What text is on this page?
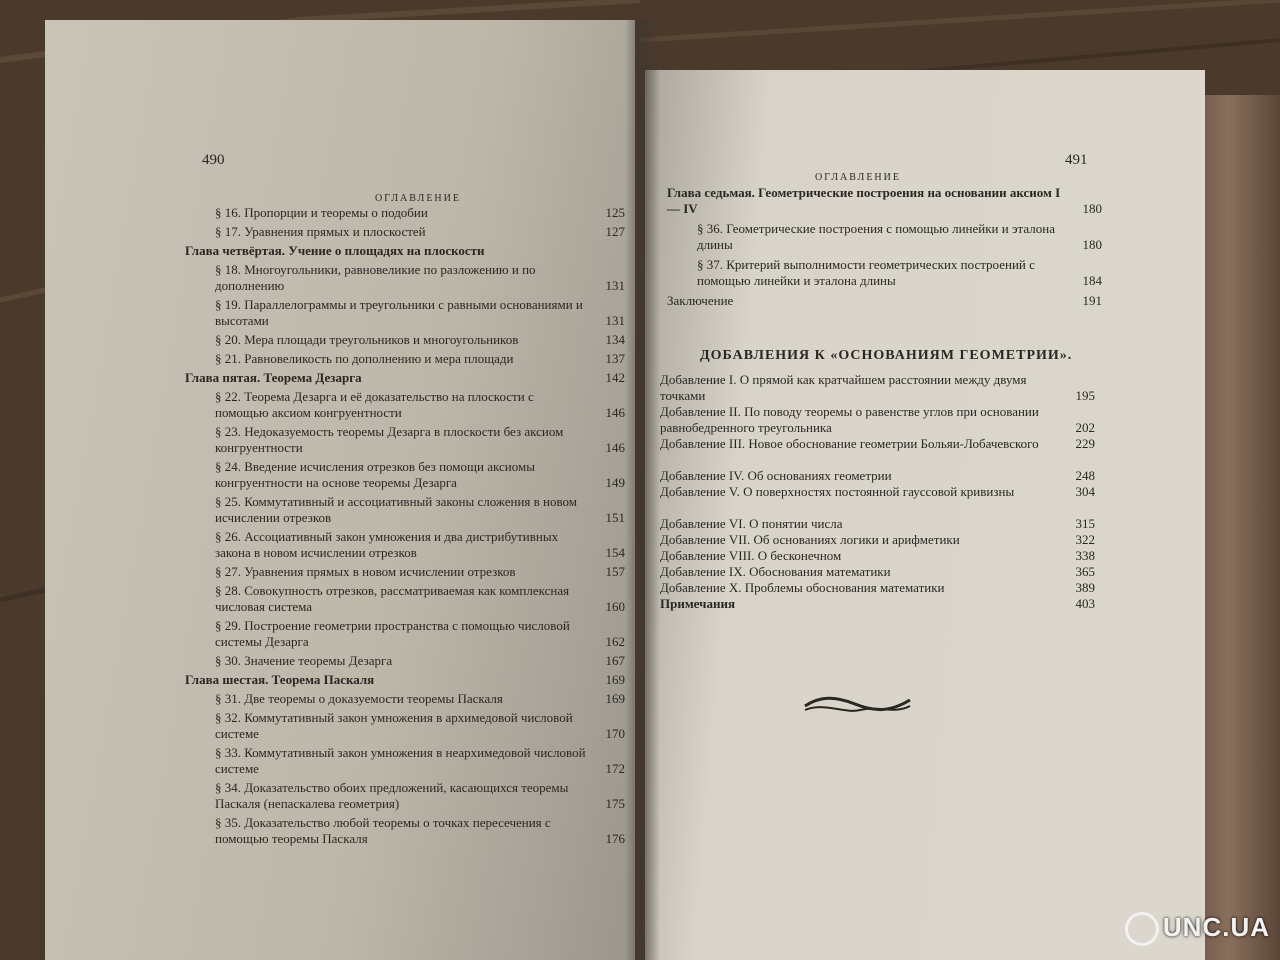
490
ОГЛАВЛЕНИЕ
§ 16. Пропорции и теоремы о подобии	125
§ 17. Уравнения прямых и плоскостей	127
Глава четвёртая. Учение о площадях на плоскости
§ 18. Многоугольники, равновеликие по разложению и по дополнению	131
§ 19. Параллелограммы и треугольники с равными основаниями и высотами	131
§ 20. Мера площади треугольников и многоугольников	134
§ 21. Равновеликость по дополнению и мера площади	137
Глава пятая. Теорема Дезарга	142
§ 22. Теорема Дезарга и её доказательство на плоскости с помощью аксиом конгруентности	146
§ 23. Недоказуемость теоремы Дезарга в плоскости без аксиом конгруентности	146
§ 24. Введение исчисления отрезков без помощи аксиомы конгруентности на основе теоремы Дезарга	149
§ 25. Коммутативный и ассоциативный законы сложения в новом исчислении отрезков	151
§ 26. Ассоциативный закон умножения и два дистрибутивных закона в новом исчислении отрезков	154
§ 27. Уравнения прямых в новом исчислении отрезков	157
§ 28. Совокупность отрезков, рассматриваемая как комплексная числовая система	160
§ 29. Построение геометрии пространства с помощью числовой системы Дезарга	162
§ 30. Значение теоремы Дезарга	167
Глава шестая. Теорема Паскаля	169
§ 31. Две теоремы о доказуемости теоремы Паскаля	169
§ 32. Коммутативный закон умножения в архимедовой числовой системе	170
§ 33. Коммутативный закон умножения в неархимедовой числовой системе	172
§ 34. Доказательство обоих предложений, касающихся теоремы Паскаля (непаскалева геометрия)	175
§ 35. Доказательство любой теоремы о точках пересечения с помощью теоремы Паскаля	176
491
ОГЛАВЛЕНИЕ
Глава седьмая. Геометрические построения на основании аксиом I — IV	180
§ 36. Геометрические построения с помощью линейки и эталона длины	180
§ 37. Критерий выполнимости геометрических построений с помощью линейки и эталона длины	184
Заключение	191
ДОБАВЛЕНИЯ К «ОСНОВАНИЯМ ГЕОМЕТРИИ».
Добавление I. О прямой как кратчайшем расстоянии между двумя точками	195
Добавление II. По поводу теоремы о равенстве углов при основании равнобедренного треугольника	202
Добавление III. Новое обоснование геометрии Больяи-Лобачевского	229
Добавление IV. Об основаниях геометрии	248
Добавление V. О поверхностях постоянной гауссовой кривизны	304
Добавление VI. О понятии числа	315
Добавление VII. Об основаниях логики и арифметики	322
Добавление VIII. О бесконечном	338
Добавление IX. Обоснования математики	365
Добавление X. Проблемы обоснования математики	389
Примечания	403
UNC.UA
